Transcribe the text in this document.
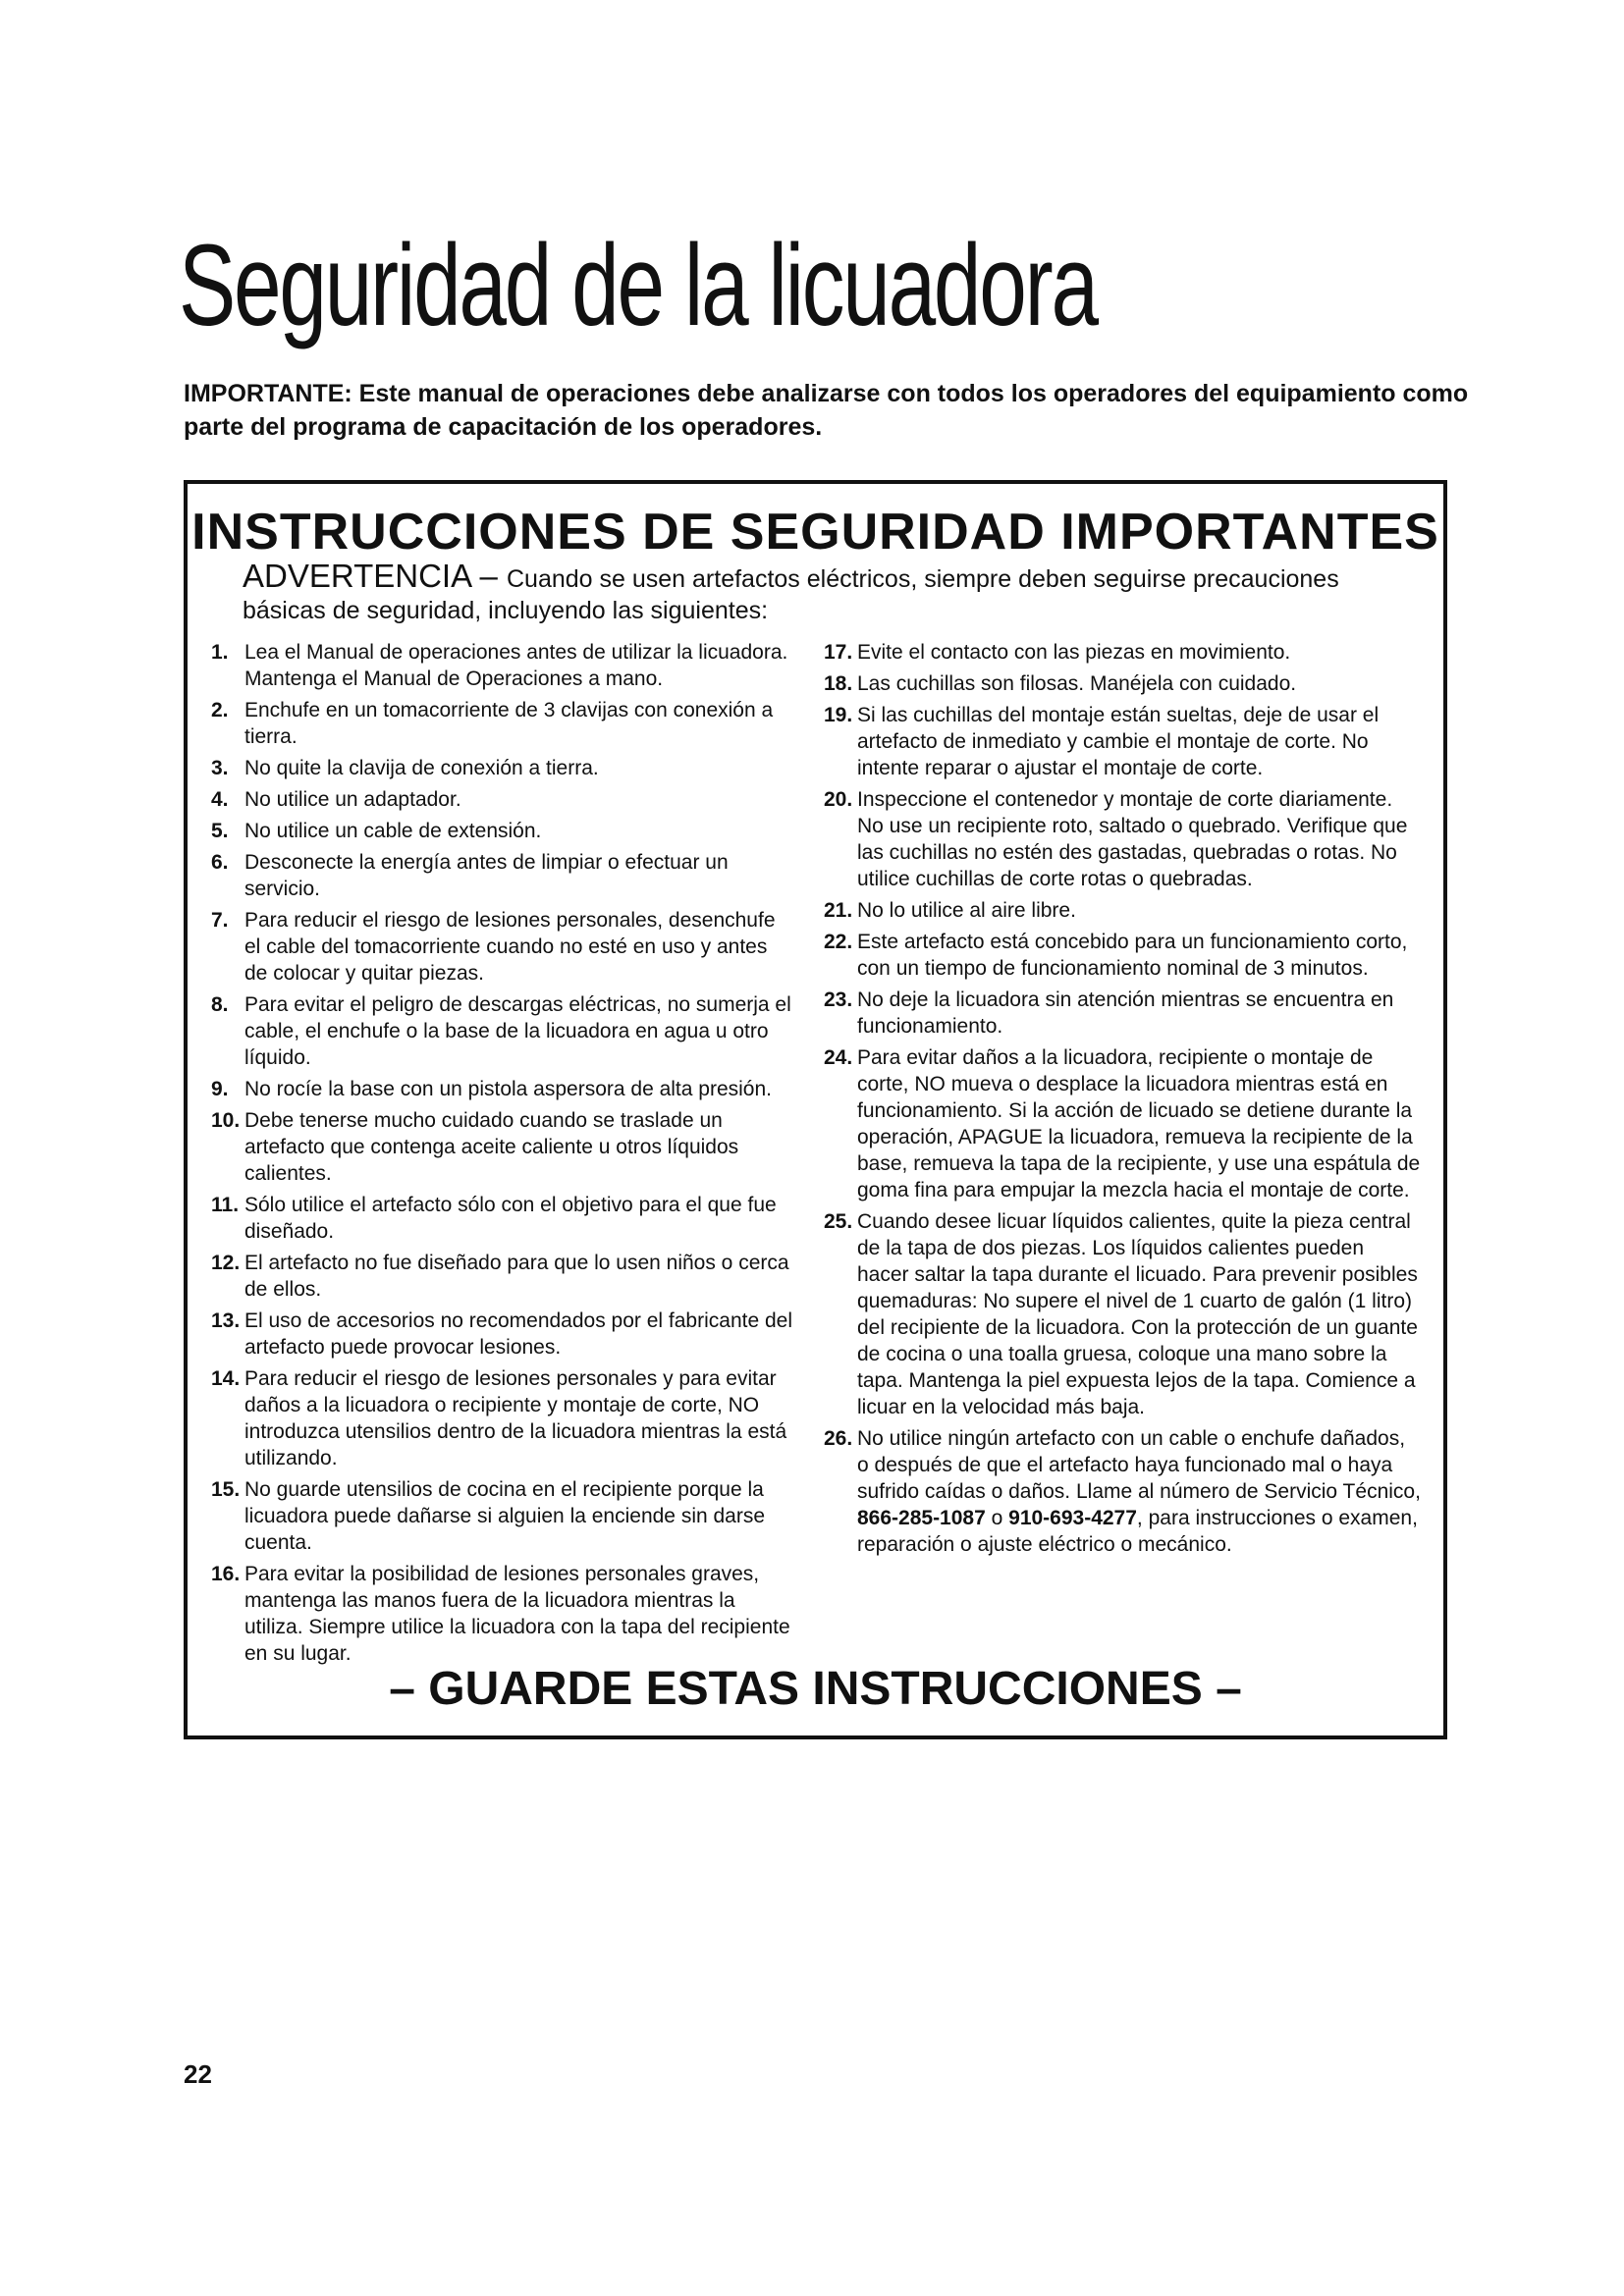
Seguridad de la licuadora

IMPORTANTE: Este manual de operaciones debe analizarse con todos los operadores del equipamiento como parte del programa de capacitación de los operadores.

INSTRUCCIONES DE SEGURIDAD IMPORTANTES

ADVERTENCIA – Cuando se usen artefactos eléctricos, siempre deben seguirse precauciones básicas de seguridad, incluyendo las siguientes:

1. Lea el Manual de operaciones antes de utilizar la licuadora. Mantenga el Manual de Operaciones a mano.
2. Enchufe en un tomacorriente de 3 clavijas con conexión a tierra.
3. No quite la clavija de conexión a tierra.
4. No utilice un adaptador.
5. No utilice un cable de extensión.
6. Desconecte la energía antes de limpiar o efectuar un servicio.
7. Para reducir el riesgo de lesiones personales, desenchufe el cable del tomacorriente cuando no esté en uso y antes de colocar y quitar piezas.
8. Para evitar el peligro de descargas eléctricas, no sumerja el cable, el enchufe o la base de la licuadora en agua u otro líquido.
9. No rocíe la base con un pistola aspersora de alta presión.
10. Debe tenerse mucho cuidado cuando se traslade un artefacto que contenga aceite caliente u otros líquidos calientes.
11. Sólo utilice el artefacto sólo con el objetivo para el que fue diseñado.
12. El artefacto no fue diseñado para que lo usen niños o cerca de ellos.
13. El uso de accesorios no recomendados por el fabricante del artefacto puede provocar lesiones.
14. Para reducir el riesgo de lesiones personales y para evitar daños a la licuadora o recipiente y montaje de corte, NO introduzca utensilios dentro de la licuadora mientras la está utilizando.
15. No guarde utensilios de cocina en el recipiente porque la licuadora puede dañarse si alguien la enciende sin darse cuenta.
16. Para evitar la posibilidad de lesiones personales graves, mantenga las manos fuera de la licuadora mientras la utiliza. Siempre utilice la licuadora con la tapa del recipiente en su lugar.
17. Evite el contacto con las piezas en movimiento.
18. Las cuchillas son filosas. Manéjela con cuidado.
19. Si las cuchillas del montaje están sueltas, deje de usar el artefacto de inmediato y cambie el montaje de corte. No intente reparar o ajustar el montaje de corte.
20. Inspeccione el contenedor y montaje de corte diariamente. No use un recipiente roto, saltado o quebrado. Verifique que las cuchillas no estén des gastadas, quebradas o rotas. No utilice cuchillas de corte rotas o quebradas.
21. No lo utilice al aire libre.
22. Este artefacto está concebido para un funcionamiento corto, con un tiempo de funcionamiento nominal de 3 minutos.
23. No deje la licuadora sin atención mientras se encuentra en funcionamiento.
24. Para evitar daños a la licuadora, recipiente o montaje de corte, NO mueva o desplace la licuadora mientras está en funcionamiento. Si la acción de licuado se detiene durante la operación, APAGUE la licuadora, remueva la recipiente de la base, remueva la tapa de la recipiente, y use una espátula de goma fina para empujar la mezcla hacia el montaje de corte.
25. Cuando desee licuar líquidos calientes, quite la pieza central de la tapa de dos piezas. Los líquidos calientes pueden hacer saltar la tapa durante el licuado. Para prevenir posibles quemaduras: No supere el nivel de 1 cuarto de galón (1 litro) del recipiente de la licuadora. Con la protección de un guante de cocina o una toalla gruesa, coloque una mano sobre la tapa. Mantenga la piel expuesta lejos de la tapa. Comience a licuar en la velocidad más baja.
26. No utilice ningún artefacto con un cable o enchufe dañados, o después de que el artefacto haya funcionado mal o haya sufrido caídas o daños. Llame al número de Servicio Técnico, 866-285-1087 o 910-693-4277, para instrucciones o examen, reparación o ajuste eléctrico o mecánico.

– GUARDE ESTAS INSTRUCCIONES –

22
